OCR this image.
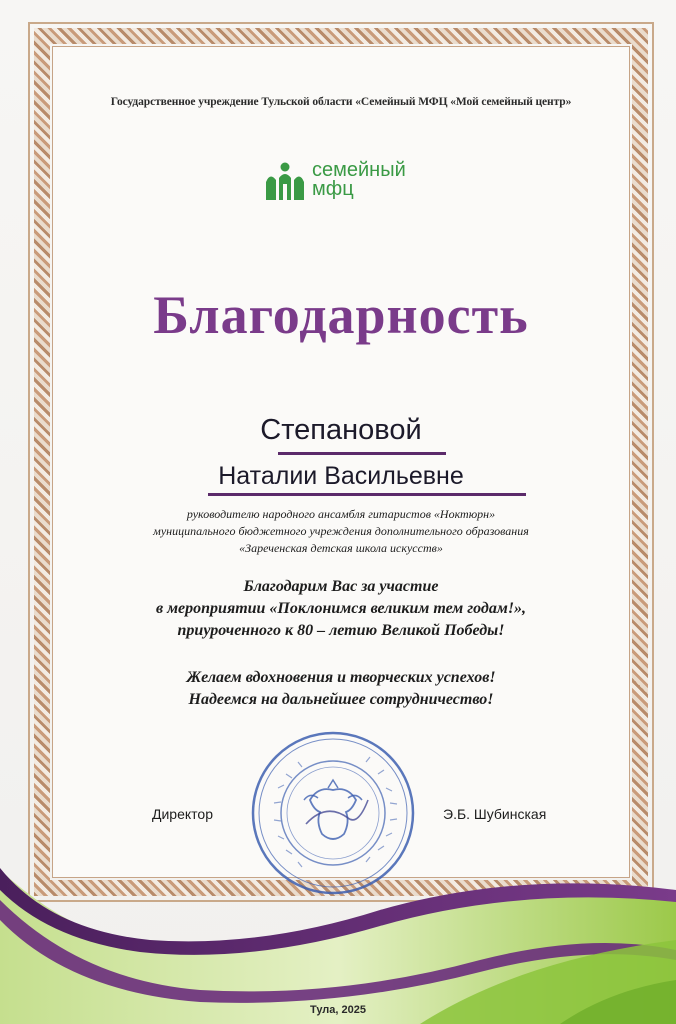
Государственное учреждение Тульской области «Семейный МФЦ «Мой семейный центр»
семейный
мфц
Благодарность
Степановой
Наталии Васильевне
руководителю народного ансамбля гитаристов «Ноктюрн»
муниципального бюджетного учреждения дополнительного образования
«Зареченская детская школа искусств»
Благодарим Вас за участие
в мероприятии «Поклонимся великим тем годам!»,
приуроченного к 80 – летию Великой Победы!
Желаем вдохновения и творческих успехов!
Надеемся на дальнейшее сотрудничество!
Директор	Э.Б. Шубинская
Тула, 2025
